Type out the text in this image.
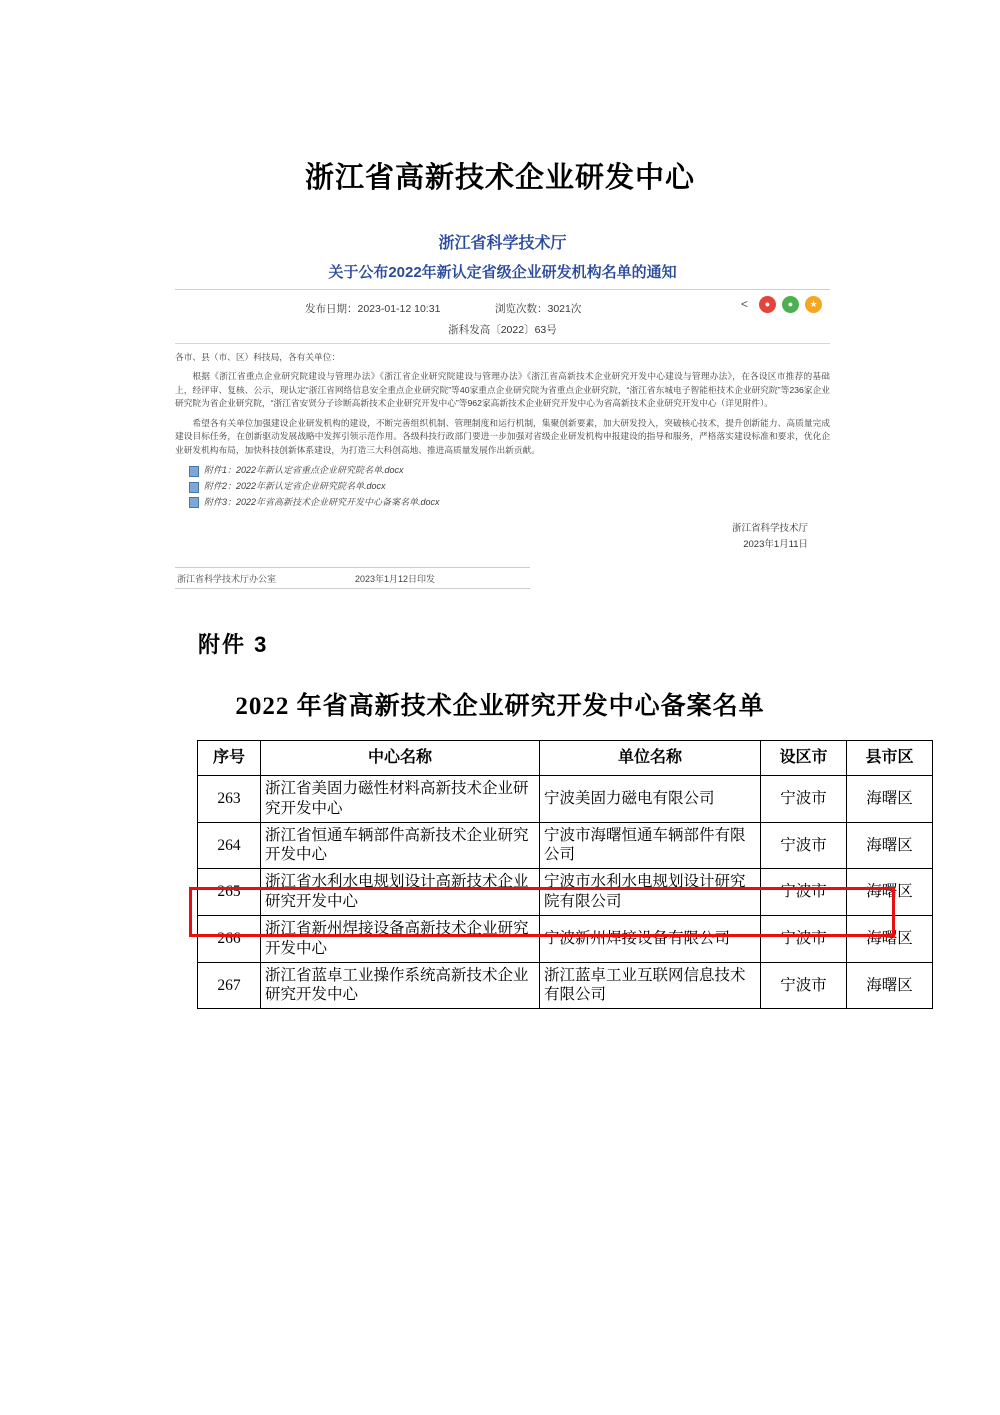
浙江省高新技术企业研发中心
浙江省科学技术厅
关于公布2022年新认定省级企业研发机构名单的通知
发布日期：2023-01-12 10:31	浏览次数：3021次	<	●	●	★
浙科发高〔2022〕63号

各市、县（市、区）科技局，各有关单位：

根据《浙江省重点企业研究院建设与管理办法》《浙江省企业研究院建设与管理办法》《浙江省高新技术企业研究开发中心建设与管理办法》，在各设区市推荐的基础上，经评审、复核、公示，现认定“浙江省网络信息安全重点企业研究院”等40家重点企业研究院为省重点企业研究院，“浙江省东城电子智能柜技术企业研究院”等236家企业研究院为省企业研究院，“浙江省安贤分子诊断高新技术企业研究开发中心”等962家高新技术企业研究开发中心为省高新技术企业研究开发中心（详见附件）。

希望各有关单位加强建设企业研发机构的建设，不断完善组织机制、管理制度和运行机制，集聚创新要素，加大研发投入，突破核心技术，提升创新能力、高质量完成建设目标任务，在创新驱动发展战略中发挥引领示范作用。各级科技行政部门要进一步加强对省级企业研发机构申报建设的指导和服务，严格落实建设标准和要求，优化企业研发机构布局，加快科技创新体系建设，为打造三大科创高地、推进高质量发展作出新贡献。

附件1：2022年新认定省重点企业研究院名单.docx
附件2：2022年新认定省企业研究院名单.docx
附件3：2022年省高新技术企业研究开发中心备案名单.docx
浙江省科学技术厅
2023年1月11日
浙江省科学技术厅办公室	2023年1月12日印发
附件 3
2022 年省高新技术企业研究开发中心备案名单
序号	中心名称	单位名称	设区市	县市区
263	浙江省美固力磁性材料高新技术企业研究开发中心	宁波美固力磁电有限公司	宁波市	海曙区
264	浙江省恒通车辆部件高新技术企业研究开发中心	宁波市海曙恒通车辆部件有限公司	宁波市	海曙区
265	浙江省水利水电规划设计高新技术企业研究开发中心	宁波市水利水电规划设计研究院有限公司	宁波市	海曙区
266	浙江省新州焊接设备高新技术企业研究开发中心	宁波新州焊接设备有限公司	宁波市	海曙区
267	浙江省蓝卓工业操作系统高新技术企业研究开发中心	浙江蓝卓工业互联网信息技术有限公司	宁波市	海曙区
